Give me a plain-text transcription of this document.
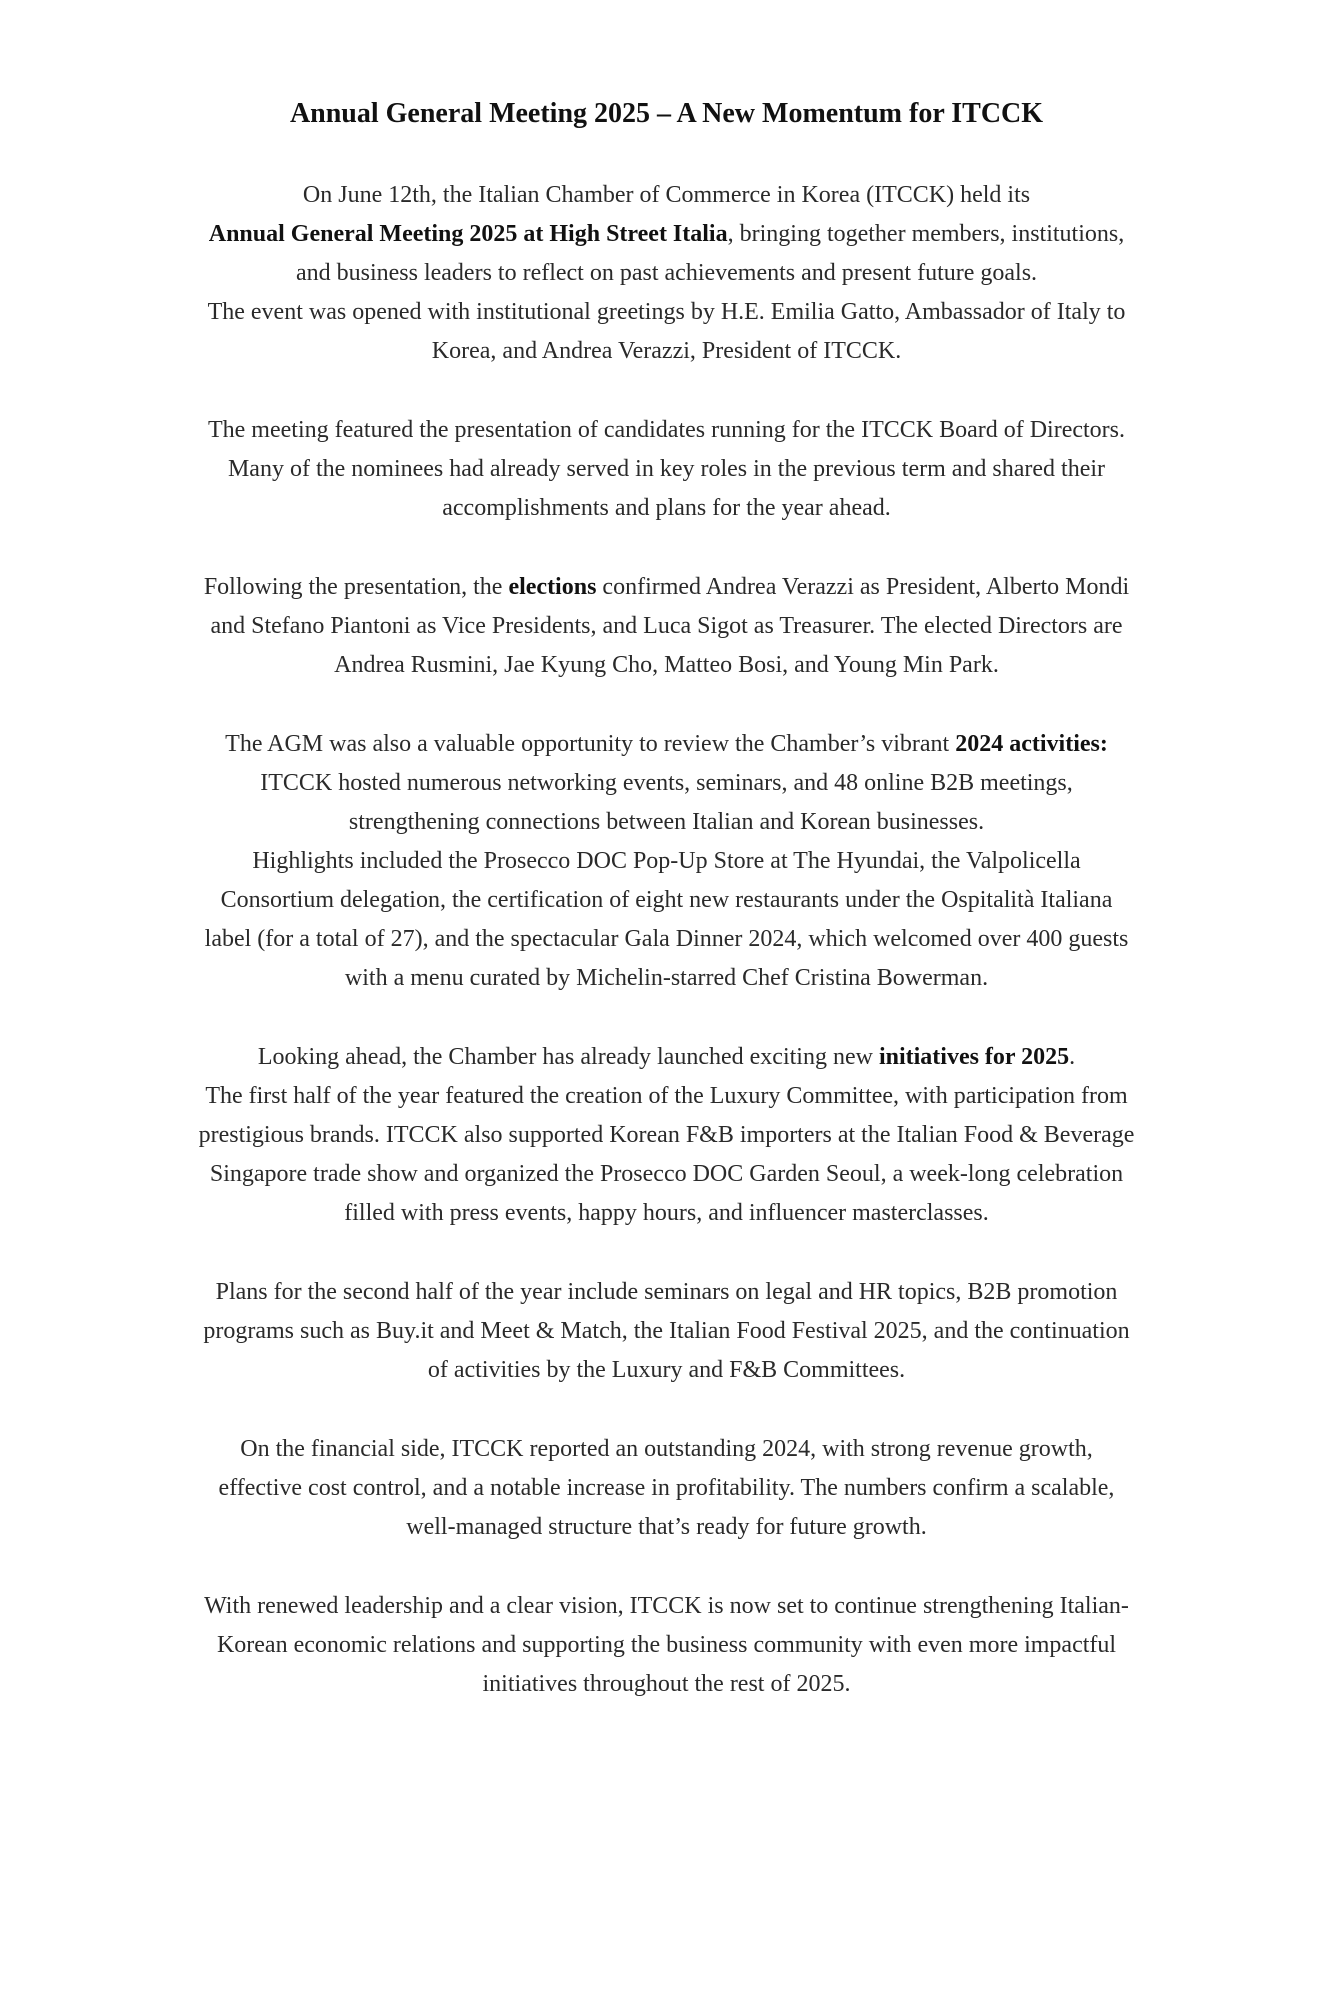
Annual General Meeting 2025 – A New Momentum for ITCCK

On June 12th, the Italian Chamber of Commerce in Korea (ITCCK) held its
Annual General Meeting 2025 at High Street Italia, bringing together members, institutions,
and business leaders to reflect on past achievements and present future goals.
The event was opened with institutional greetings by H.E. Emilia Gatto, Ambassador of Italy to
Korea, and Andrea Verazzi, President of ITCCK.

The meeting featured the presentation of candidates running for the ITCCK Board of Directors.
Many of the nominees had already served in key roles in the previous term and shared their
accomplishments and plans for the year ahead.

Following the presentation, the elections confirmed Andrea Verazzi as President, Alberto Mondi
and Stefano Piantoni as Vice Presidents, and Luca Sigot as Treasurer. The elected Directors are
Andrea Rusmini, Jae Kyung Cho, Matteo Bosi, and Young Min Park.

The AGM was also a valuable opportunity to review the Chamber’s vibrant 2024 activities:
ITCCK hosted numerous networking events, seminars, and 48 online B2B meetings,
strengthening connections between Italian and Korean businesses.
Highlights included the Prosecco DOC Pop-Up Store at The Hyundai, the Valpolicella
Consortium delegation, the certification of eight new restaurants under the Ospitalità Italiana
label (for a total of 27), and the spectacular Gala Dinner 2024, which welcomed over 400 guests
with a menu curated by Michelin-starred Chef Cristina Bowerman.

Looking ahead, the Chamber has already launched exciting new initiatives for 2025.
The first half of the year featured the creation of the Luxury Committee, with participation from
prestigious brands. ITCCK also supported Korean F&B importers at the Italian Food & Beverage
Singapore trade show and organized the Prosecco DOC Garden Seoul, a week-long celebration
filled with press events, happy hours, and influencer masterclasses.

Plans for the second half of the year include seminars on legal and HR topics, B2B promotion
programs such as Buy.it and Meet & Match, the Italian Food Festival 2025, and the continuation
of activities by the Luxury and F&B Committees.

On the financial side, ITCCK reported an outstanding 2024, with strong revenue growth,
effective cost control, and a notable increase in profitability. The numbers confirm a scalable,
well-managed structure that’s ready for future growth.

With renewed leadership and a clear vision, ITCCK is now set to continue strengthening Italian-
Korean economic relations and supporting the business community with even more impactful
initiatives throughout the rest of 2025.
